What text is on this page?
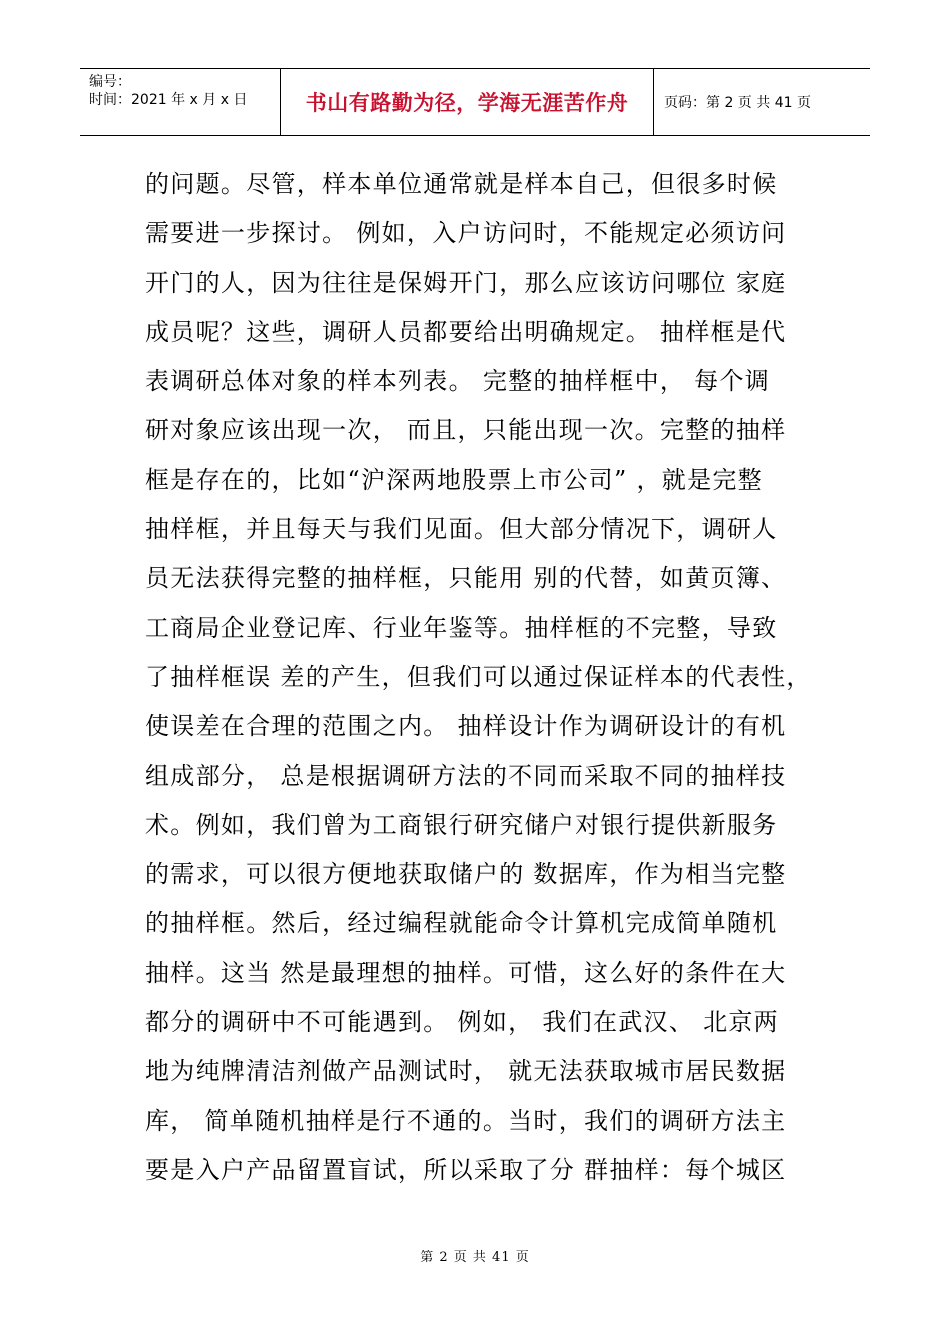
编号：
时间：2021 年 x 月 x 日	书山有路勤为径，学海无涯苦作舟	页码：第 2 页 共 41 页
的问题。尽管，样本单位通常就是样本自己，但很多时候
需要进一步探讨。 例如，入户访问时，不能规定必须访问
开门的人，因为往往是保姆开门，那么应该访问哪位 家庭
成员呢？这些，调研人员都要给出明确规定。 抽样框是代
表调研总体对象的样本列表。 完整的抽样框中， 每个调
研对象应该出现一次， 而且，只能出现一次。完整的抽样
框是存在的，比如“沪深两地股票上市公司” ，就是完整
抽样框，并且每天与我们见面。但大部分情况下，调研人
员无法获得完整的抽样框，只能用 别的代替，如黄页簿、
工商局企业登记库、行业年鉴等。抽样框的不完整，导致
了抽样框误 差的产生，但我们可以通过保证样本的代表性，
使误差在合理的范围之内。 抽样设计作为调研设计的有机
组成部分， 总是根据调研方法的不同而采取不同的抽样技
术。例如，我们曾为工商银行研究储户对银行提供新服务
的需求，可以很方便地获取储户的 数据库，作为相当完整
的抽样框。然后，经过编程就能命令计算机完成简单随机
抽样。这当 然是最理想的抽样。可惜，这么好的条件在大
都分的调研中不可能遇到。 例如， 我们在武汉、 北京两
地为纯牌清洁剂做产品测试时， 就无法获取城市居民数据
库， 简单随机抽样是行不通的。当时，我们的调研方法主
要是入户产品留置盲试，所以采取了分 群抽样：每个城区
第 2 页 共 41 页
